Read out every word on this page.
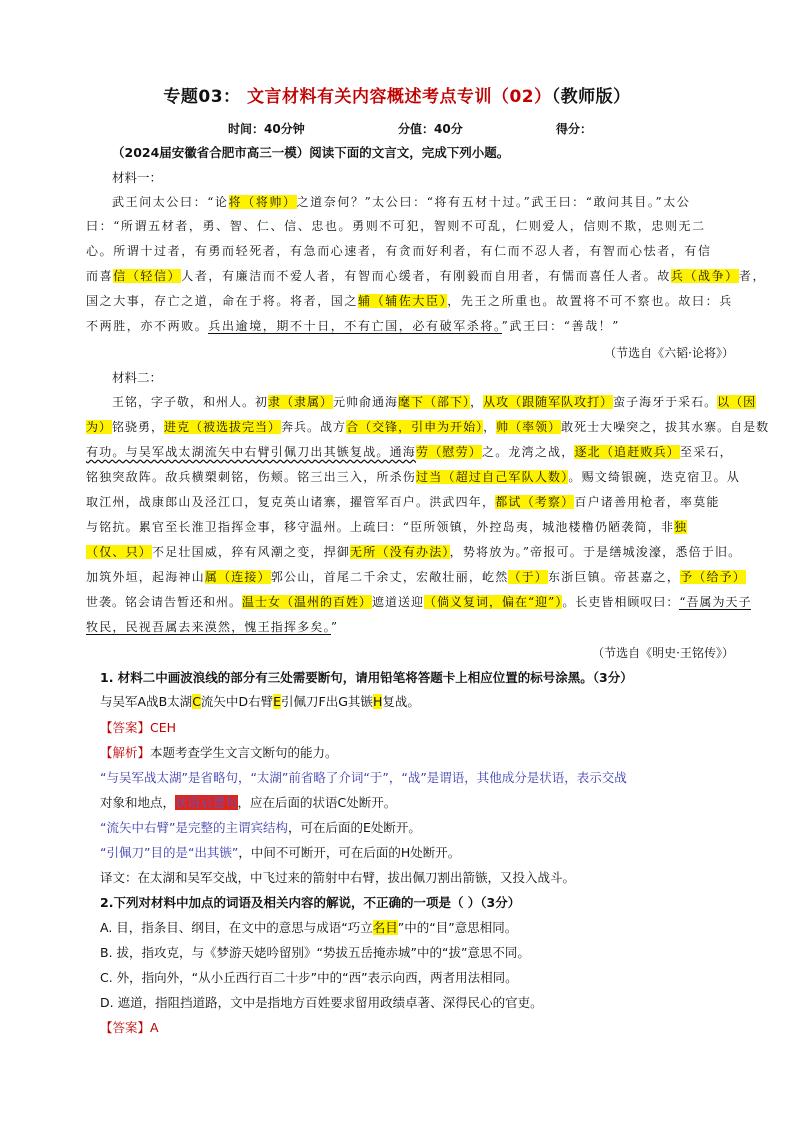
专题03： 文言材料有关内容概述考点专训（02）（教师版）
时间：40分钟	分值：40分	得分：
（2024届安徽省合肥市高三一模）阅读下面的文言文，完成下列小题。
材料一：
武王问太公曰：“论将（将帅）之道奈何？”太公曰：“将有五材十过。”武王曰：“敢问其目。”太公
曰：“所谓五材者，勇、智、仁、信、忠也。勇则不可犯，智则不可乱，仁则爱人，信则不欺，忠则无二
心。所谓十过者，有勇而轻死者，有急而心速者，有贪而好利者，有仁而不忍人者，有智而心怯者，有信
而喜信（轻信）人者，有廉洁而不爱人者，有智而心缓者，有刚毅而自用者，有懦而喜任人者。故兵（战争）者，
国之大事，存亡之道，命在于将。将者，国之辅（辅佐大臣），先王之所重也。故置将不可不察也。故曰：兵
不两胜，亦不两败。兵出逾境，期不十日，不有亡国，必有破军杀将。”武王曰：“善哉！”
（节选自《六韬·论将》）
材料二：
王铭，字子敬，和州人。初隶（隶属）元帅俞通海麾下（部下），从攻（跟随军队攻打）蛮子海牙于采石。以（因
为）铭骁勇，进克（被选拔完当）奔兵。战方合（交锋，引申为开始），帅（率领）敢死士大噪突之，拔其水寨。自是数
有功。与吴军战太湖流矢中右臂引佩刀出其镞复战。通海劳（慰劳）之。龙湾之战，逐北（追赶败兵）至采石，
铭独突敌阵。敌兵横槊刺铭，伤颊。铭三出三入，所杀伤过当（超过自己军队人数）。赐文绮银碗，迭克宿卫。从
取江州，战康郎山及泾江口，复克英山诸寨，擢管军百户。洪武四年，都试（考察）百户诸善用枪者，率莫能
与铭抗。累官至长淮卫指挥佥事，移守温州。上疏曰：“臣所领镇，外控岛夷，城池楼橹仍陋袭简，非独
（仅、只）不足壮国威，猝有风潮之变，捍御无所（没有办法），势将放为。”帝报可。于是缮城浚濠，悉倍于旧。
加筑外垣，起海神山属（连接）郭公山，首尾二千余丈，宏敞壮丽，屹然（于）东浙巨镇。帝甚嘉之，予（给予）
世袭。铭会请告暂还和州。温士女（温州的百姓）遮道送迎（倘义复词，偏在“迎”）。长吏皆相顾叹曰：“吾属为天子
牧民，民视吾属去来漠然，愧王指挥多矣。”
（节选自《明史·王铭传》）
1. 材料二中画波浪线的部分有三处需要断句，请用铅笔将答题卡上相应位置的标号涂黑。（3分）
与吴军A战B太湖C流矢中D右臂E引佩刀F出G其镞H复战。
【答案】CEH
【解析】本题考查学生文言文断句的能力。
“与吴军战太湖”是省略句，“太湖”前省略了介词“于”，“战”是谓语，其他成分是状语，表示交战
对象和地点，状语后置句，应在后面的状语C处断开。
“流矢中右臂”是完整的主谓宾结构，可在后面的E处断开。
“引佩刀”目的是“出其镞”，中间不可断开，可在后面的H处断开。
译文：在太湖和吴军交战，中飞过来的箭射中右臂，拔出佩刀割出箭镞，又投入战斗。
2.下列对材料中加点的词语及相关内容的解说，不正确的一项是（ ）（3分）
A. 目，指条目、纲目，在文中的意思与成语“巧立名目”中的“目”意思相同。
B. 拔，指攻克，与《梦游天姥吟留别》“势拔五岳掩赤城”中的“拔”意思不同。
C. 外，指向外，“从小丘西行百二十步”中的“西”表示向西，两者用法相同。
D. 遮道，指阻挡道路，文中是指地方百姓要求留用政绩卓著、深得民心的官吏。
【答案】A
